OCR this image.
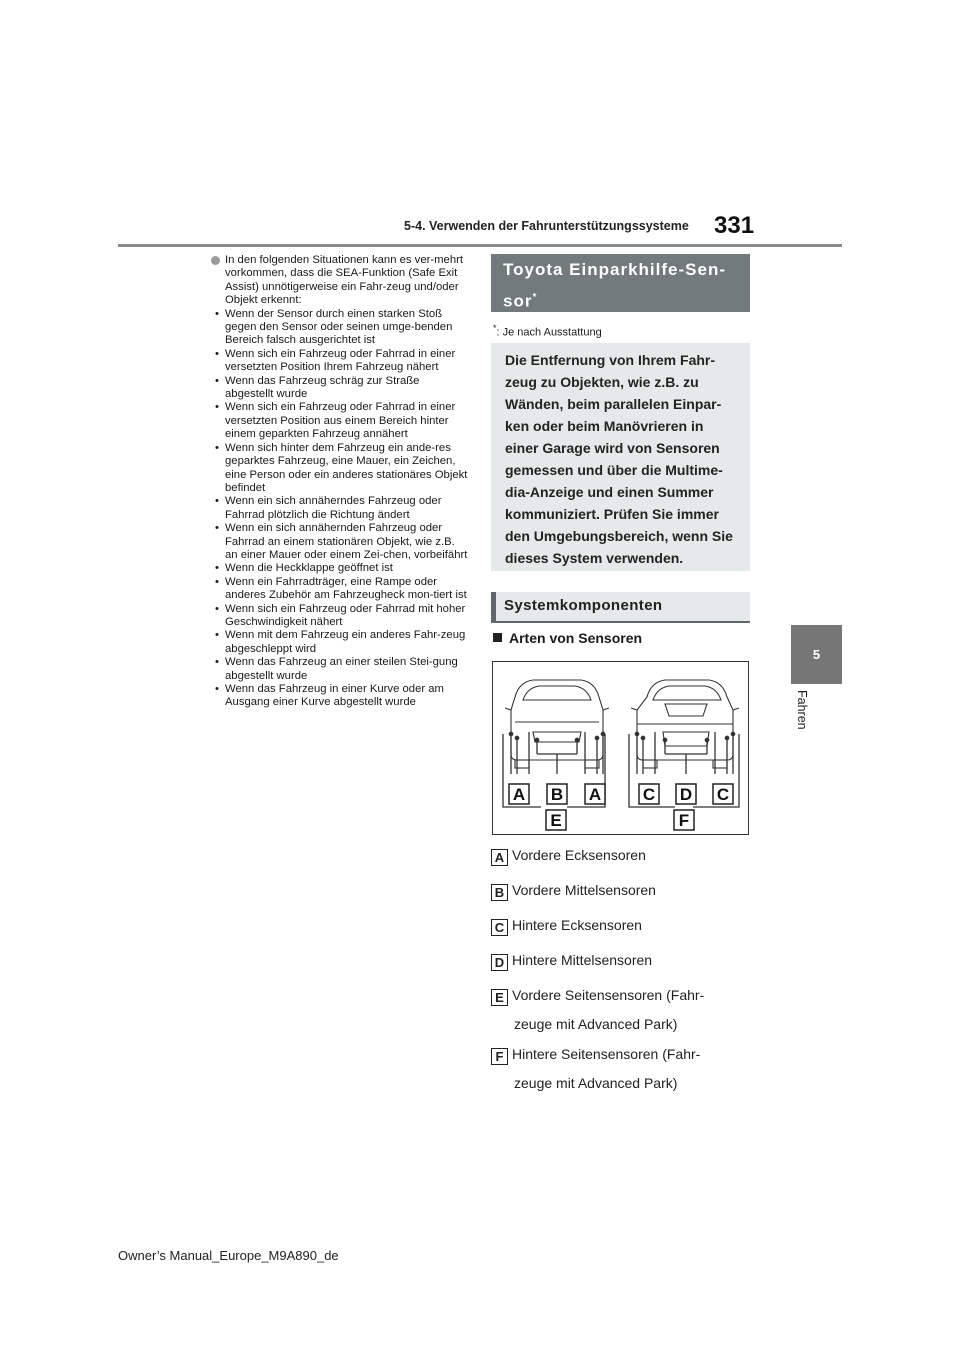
5-4. Verwenden der Fahrunterstützungssysteme	331
5
Fahren
In den folgenden Situationen kann es ver-mehrt vorkommen, dass die SEA-Funktion (Safe Exit Assist) unnötigerweise ein Fahr-zeug und/oder Objekt erkennt:
• Wenn der Sensor durch einen starken Stoß gegen den Sensor oder seinen umge-benden Bereich falsch ausgerichtet ist
• Wenn sich ein Fahrzeug oder Fahrrad in einer versetzten Position Ihrem Fahrzeug nähert
• Wenn das Fahrzeug schräg zur Straße abgestellt wurde
• Wenn sich ein Fahrzeug oder Fahrrad in einer versetzten Position aus einem Bereich hinter einem geparkten Fahrzeug annähert
• Wenn sich hinter dem Fahrzeug ein ande-res geparktes Fahrzeug, eine Mauer, ein Zeichen, eine Person oder ein anderes stationäres Objekt befindet
• Wenn ein sich annäherndes Fahrzeug oder Fahrrad plötzlich die Richtung ändert
• Wenn ein sich annähernden Fahrzeug oder Fahrrad an einem stationären Objekt, wie z.B. an einer Mauer oder einem Zei-chen, vorbeifährt
• Wenn die Heckklappe geöffnet ist
• Wenn ein Fahrradträger, eine Rampe oder anderes Zubehör am Fahrzeugheck mon-tiert ist
• Wenn sich ein Fahrzeug oder Fahrrad mit hoher Geschwindigkeit nähert
• Wenn mit dem Fahrzeug ein anderes Fahr-zeug abgeschleppt wird
• Wenn das Fahrzeug an einer steilen Stei-gung abgestellt wurde
• Wenn das Fahrzeug in einer Kurve oder am Ausgang einer Kurve abgestellt wurde
Toyota Einparkhilfe-Sen-
sor*
*: Je nach Ausstattung
Die Entfernung von Ihrem Fahr-zeug zu Objekten, wie z.B. zu Wänden, beim parallelen Einpar-ken oder beim Manövrieren in einer Garage wird von Sensoren gemessen und über die Multime-dia-Anzeige und einen Summer kommuniziert. Prüfen Sie immer den Umgebungsbereich, wenn Sie dieses System verwenden.
Systemkomponenten
Arten von Sensoren
A B A C D C
E	F
A Vordere Ecksensoren
B Vordere Mittelsensoren
C Hintere Ecksensoren
D Hintere Mittelsensoren
E Vordere Seitensensoren (Fahr-
zeuge mit Advanced Park)
F Hintere Seitensensoren (Fahr-
zeuge mit Advanced Park)
Owner’s Manual_Europe_M9A890_de
